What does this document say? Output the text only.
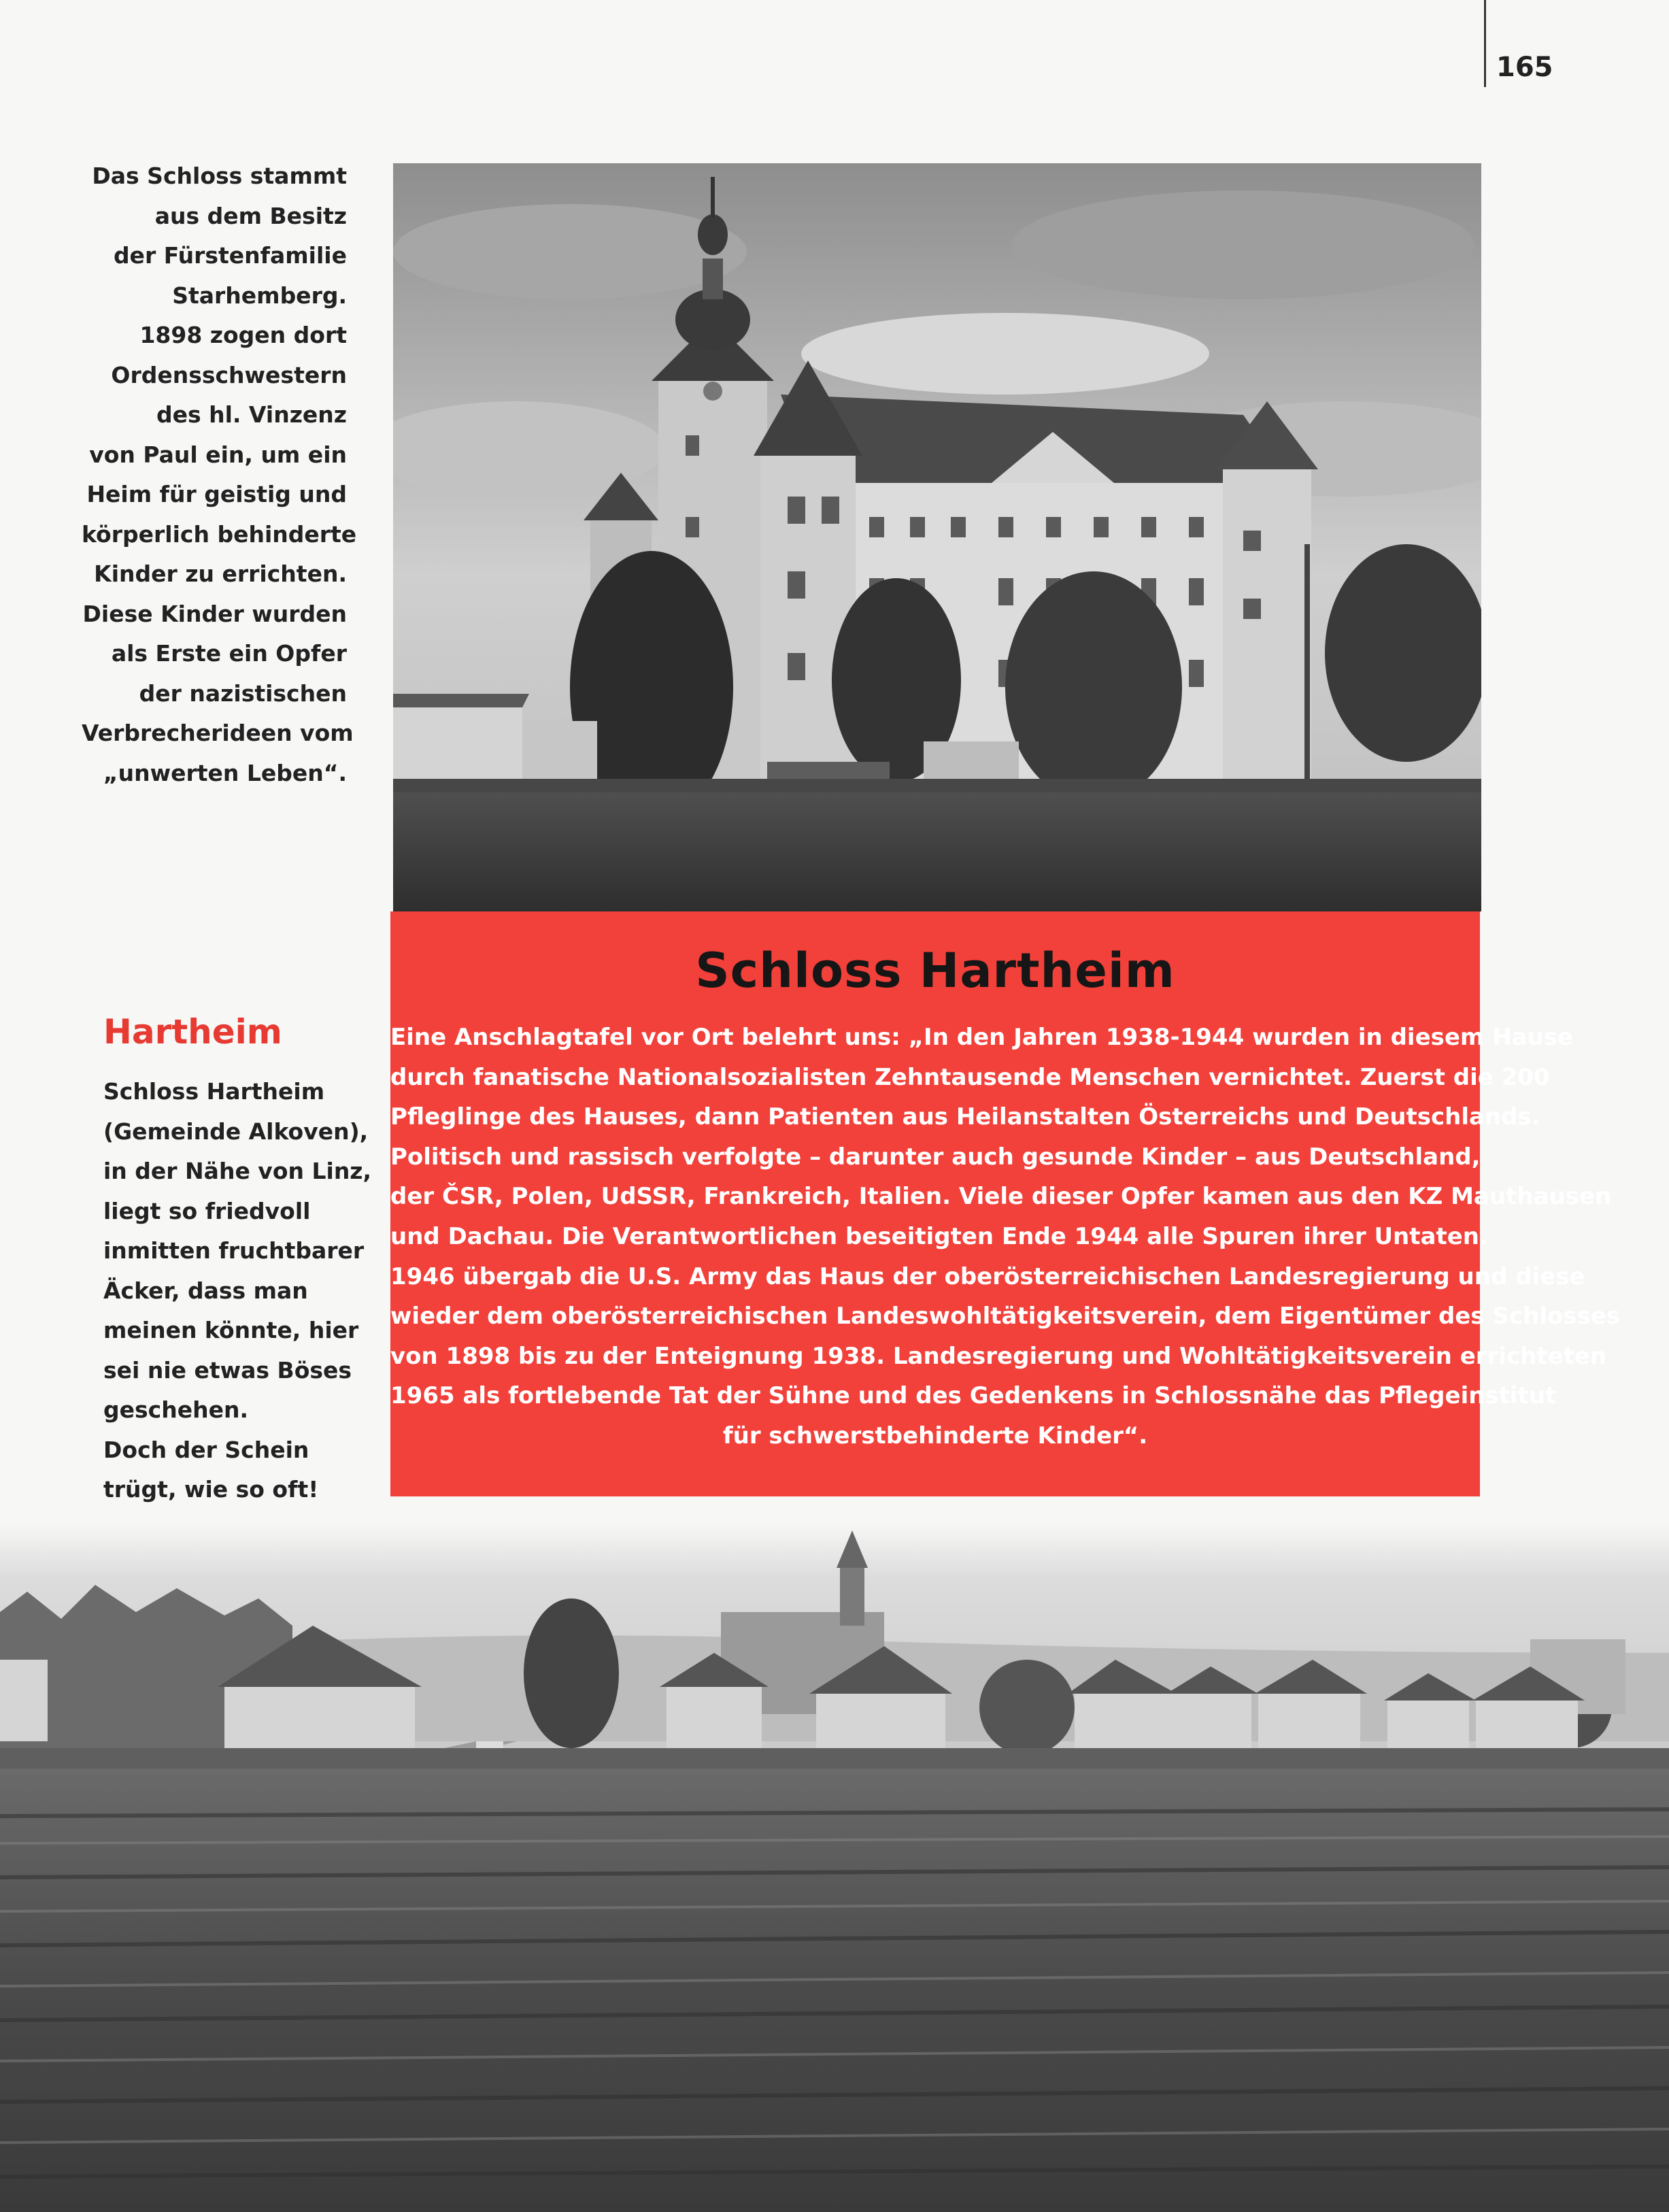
165
Das Schloss stammt
aus dem Besitz
der Fürstenfamilie
Starhemberg.
1898 zogen dort
Ordensschwestern
des hl. Vinzenz
von Paul ein, um ein
Heim für geistig und
körperlich behinderte
Kinder zu errichten.
Diese Kinder wurden
als Erste ein Opfer
der nazistischen
Verbrecherideen vom
„unwerten Leben“.
Hartheim
Schloss Hartheim
(Gemeinde Alkoven),
in der Nähe von Linz,
liegt so friedvoll
inmitten fruchtbarer
Äcker, dass man
meinen könnte, hier
sei nie etwas Böses
geschehen.
Doch der Schein
trügt, wie so oft!
Schloss Hartheim
Eine Anschlagtafel vor Ort belehrt uns: „In den Jahren 1938-1944 wurden in diesem Hause
durch fanatische Nationalsozialisten Zehntausende Menschen vernichtet. Zuerst die 200
Pfleglinge des Hauses, dann Patienten aus Heilanstalten Österreichs und Deutschlands.
Politisch und rassisch verfolgte – darunter auch gesunde Kinder – aus Deutschland,
der ČSR, Polen, UdSSR, Frankreich, Italien. Viele dieser Opfer kamen aus den KZ Mauthausen
und Dachau. Die Verantwortlichen beseitigten Ende 1944 alle Spuren ihrer Untaten.
1946 übergab die U.S. Army das Haus der oberösterreichischen Landesregierung und diese
wieder dem oberösterreichischen Landeswohltätigkeitsverein, dem Eigentümer des Schlosses
von 1898 bis zu der Enteignung 1938. Landesregierung und Wohltätigkeitsverein errichteten
1965 als fortlebende Tat der Sühne und des Gedenkens in Schlossnähe das Pflegeinstitut
für schwerstbehinderte Kinder“.
